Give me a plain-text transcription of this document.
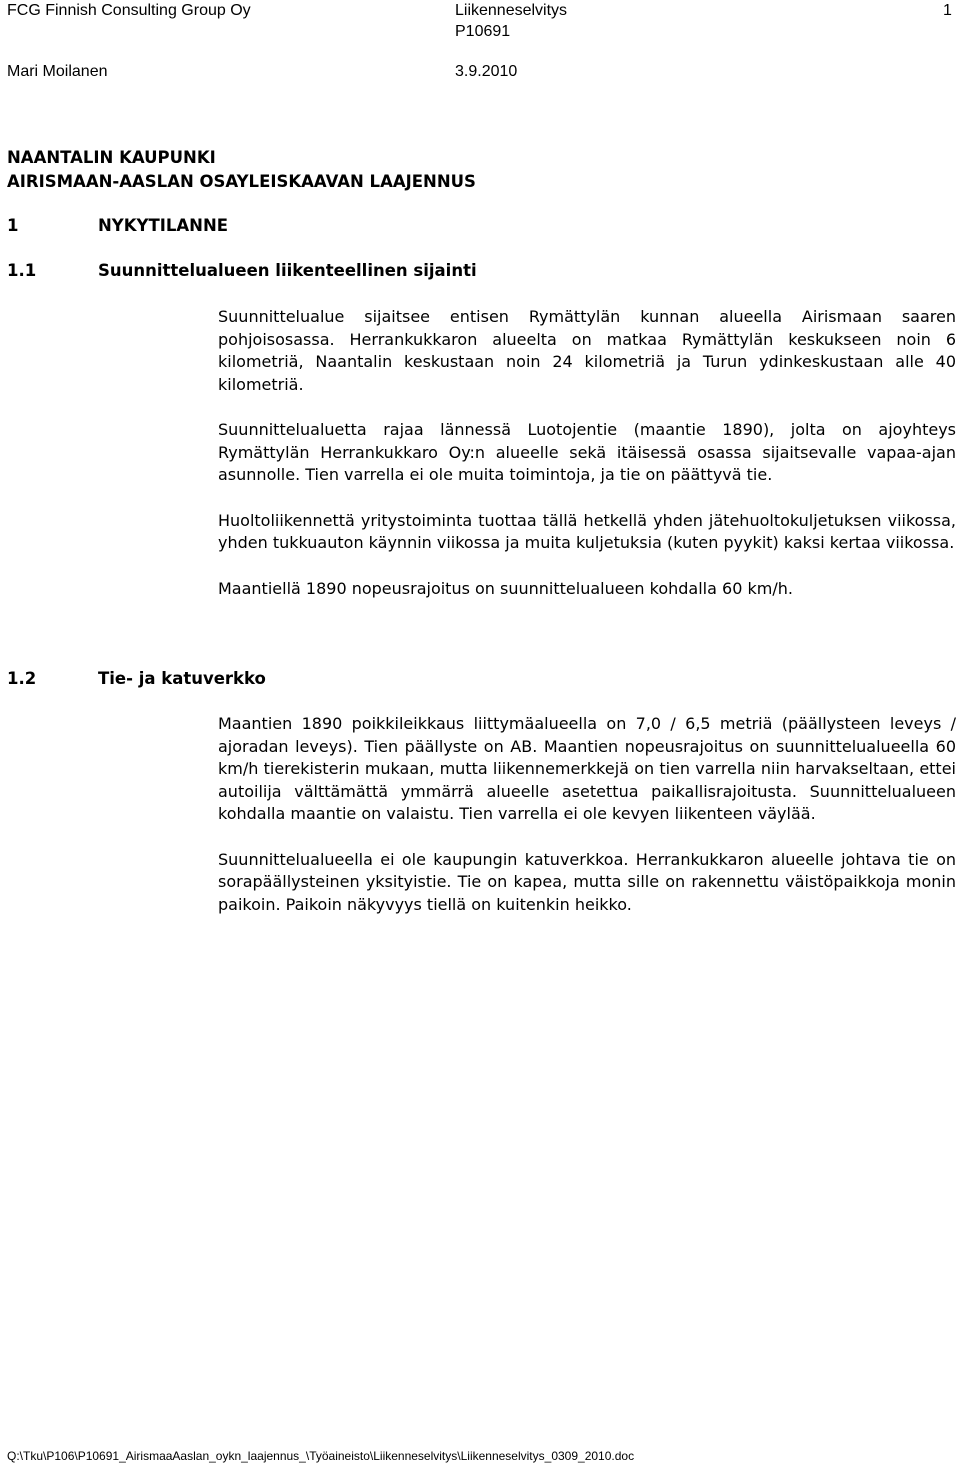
FCG Finnish Consulting Group Oy	Liikenneselvitys
P10691
1
Mari Moilanen	3.9.2010
NAANTALIN KAUPUNKI
AIRISMAAN-AASLAN OSAYLEISKAAVAN LAAJENNUS
1	NYKYTILANNE
1.1	Suunnittelualueen liikenteellinen sijainti

Suunnittelualue sijaitsee entisen Rymättylän kunnan alueella Airismaan saaren pohjoisosassa. Herrankukkaron alueelta on matkaa Rymättylän keskukseen noin 6 kilometriä, Naantalin keskustaan noin 24 kilometriä ja Turun ydinkeskustaan alle 40 kilometriä.

Suunnittelualuetta rajaa lännessä Luotojentie (maantie 1890), jolta on ajoyhteys Rymättylän Herrankukkaro Oy:n alueelle sekä itäisessä osassa sijaitsevalle vapaa-ajan asunnolle. Tien varrella ei ole muita toimintoja, ja tie on päättyvä tie.

Huoltoliikennettä yritystoiminta tuottaa tällä hetkellä yhden jätehuoltokuljetuksen viikossa, yhden tukkuauton käynnin viikossa ja muita kuljetuksia (kuten pyykit) kaksi kertaa viikossa.

Maantiellä 1890 nopeusrajoitus on suunnittelualueen kohdalla 60 km/h.

1.2	Tie- ja katuverkko

Maantien 1890 poikkileikkaus liittymäalueella on 7,0 / 6,5 metriä (päällysteen leveys / ajoradan leveys). Tien päällyste on AB. Maantien nopeusrajoitus on suunnittelualueella 60 km/h tierekisterin mukaan, mutta liikennemerkkejä on tien varrella niin harvakseltaan, ettei autoilija välttämättä ymmärrä alueelle asetettua paikallisrajoitusta. Suunnittelualueen kohdalla maantie on valaistu. Tien varrella ei ole kevyen liikenteen väylää.

Suunnittelualueella ei ole kaupungin katuverkkoa. Herrankukkaron alueelle johtava tie on sorapäällysteinen yksityistie. Tie on kapea, mutta sille on rakennettu väistöpaikkoja monin paikoin. Paikoin näkyvyys tiellä on kuitenkin heikko.

Q:\Tku\P106\P10691_AirismaaAaslan_oykn_laajennus_\Työaineisto\Liikenneselvitys\Liikenneselvitys_0309_2010.doc
